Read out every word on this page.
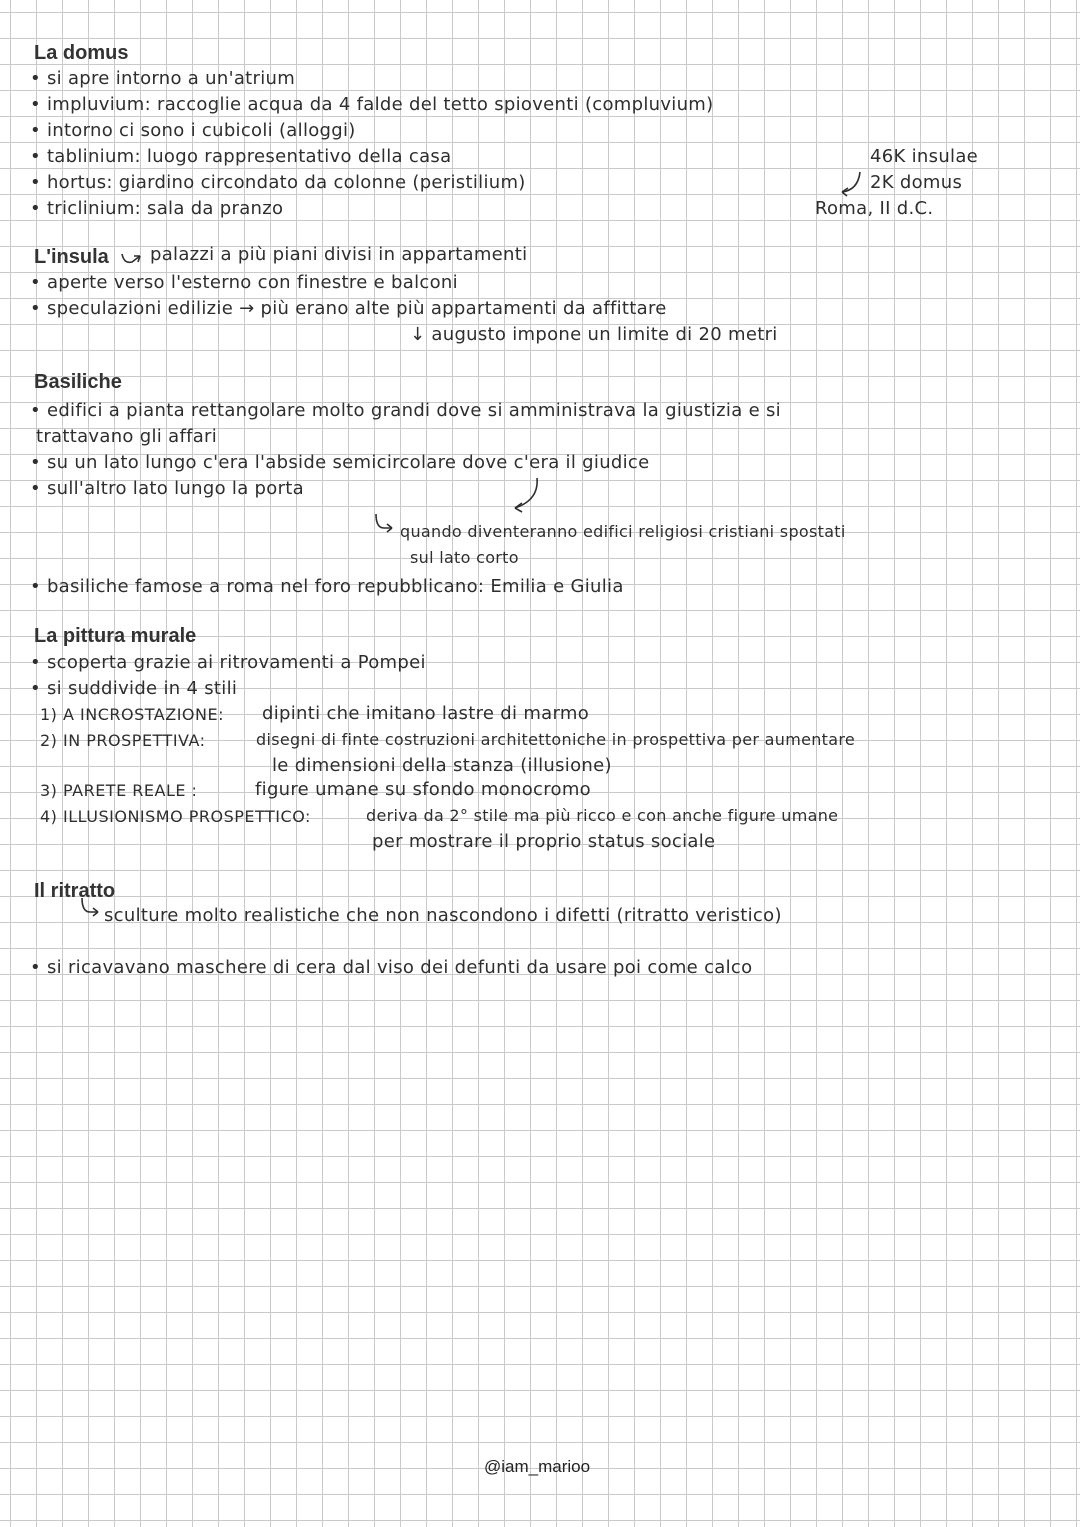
La domus
• si apre intorno a un'atrium
• impluvium: raccoglie acqua da 4 falde del tetto spioventi (compluvium)
• intorno ci sono i cubicoli (alloggi)
• tablinium: luogo rappresentativo della casa
• hortus: giardino circondato da colonne (peristilium)
• triclinium: sala da pranzo
46K insulae
2K domus
Roma, II d.C.
L'insula palazzi a più piani divisi in appartamenti
• aperte verso l'esterno con finestre e balconi
• speculazioni edilizie → più erano alte più appartamenti da affittare
↓ augusto impone un limite di 20 metri
Basiliche
• edifici a pianta rettangolare molto grandi dove si amministrava la giustizia e si
trattavano gli affari
• su un lato lungo c'era l'abside semicircolare dove c'era il giudice
• sull'altro lato lungo la porta
quando diventeranno edifici religiosi cristiani spostati
sul lato corto
• basiliche famose a roma nel foro repubblicano: Emilia e Giulia
La pittura murale
• scoperta grazie ai ritrovamenti a Pompei
• si suddivide in 4 stili
1) A INCROSTAZIONE: dipinti che imitano lastre di marmo
2) IN PROSPETTIVA:	disegni di finte costruzioni architettoniche in prospettiva per aumentare
le dimensioni della stanza (illusione)
3) PARETE REALE :	figure umane su sfondo monocromo
4) ILLUSIONISMO PROSPETTICO:	deriva da 2° stile ma più ricco e con anche figure umane
per mostrare il proprio status sociale
Il ritratto
sculture molto realistiche che non nascondono i difetti (ritratto veristico)
• si ricavavano maschere di cera dal viso dei defunti da usare poi come calco
@iam_marioo
